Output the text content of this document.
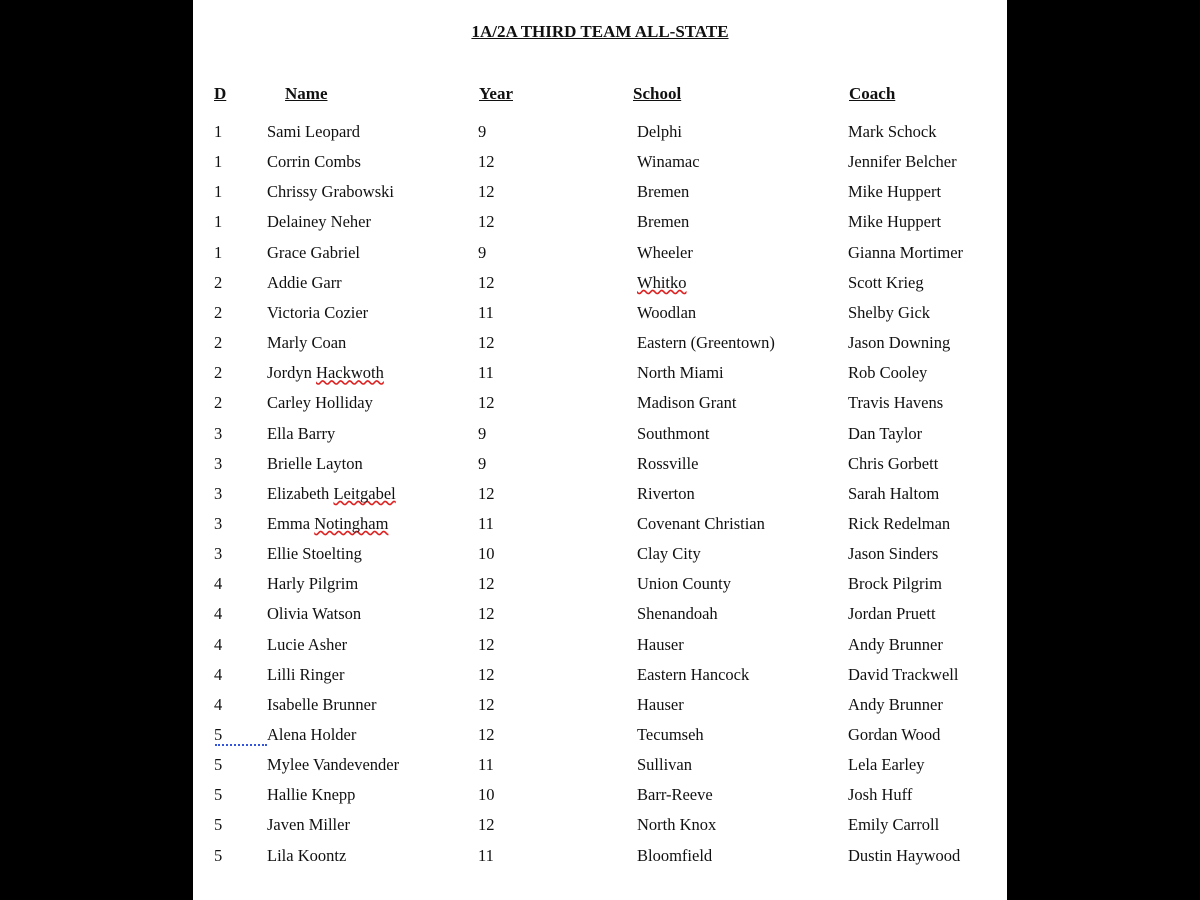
1A/2A THIRD TEAM ALL-STATE
D	Name	Year	School	Coach
1	Sami Leopard	9	Delphi	Mark Schock
1	Corrin Combs	12	Winamac	Jennifer Belcher
1	Chrissy Grabowski	12	Bremen	Mike Huppert
1	Delainey Neher	12	Bremen	Mike Huppert
1	Grace Gabriel	9	Wheeler	Gianna Mortimer
2	Addie Garr	12	Whitko	Scott Krieg
2	Victoria Cozier	11	Woodlan	Shelby Gick
2	Marly Coan	12	Eastern (Greentown)	Jason Downing
2	Jordyn Hackwoth	11	North Miami	Rob Cooley
2	Carley Holliday	12	Madison Grant	Travis Havens
3	Ella Barry	9	Southmont	Dan Taylor
3	Brielle Layton	9	Rossville	Chris Gorbett
3	Elizabeth Leitgabel	12	Riverton	Sarah Haltom
3	Emma Notingham	11	Covenant Christian	Rick Redelman
3	Ellie Stoelting	10	Clay City	Jason Sinders
4	Harly Pilgrim	12	Union County	Brock Pilgrim
4	Olivia Watson	12	Shenandoah	Jordan Pruett
4	Lucie Asher	12	Hauser	Andy Brunner
4	Lilli Ringer	12	Eastern Hancock	David Trackwell
4	Isabelle Brunner	12	Hauser	Andy Brunner
5	Alena Holder	12	Tecumseh	Gordan Wood
5	Mylee Vandevender	11	Sullivan	Lela Earley
5	Hallie Knepp	10	Barr-Reeve	Josh Huff
5	Javen Miller	12	North Knox	Emily Carroll
5	Lila Koontz	11	Bloomfield	Dustin Haywood
